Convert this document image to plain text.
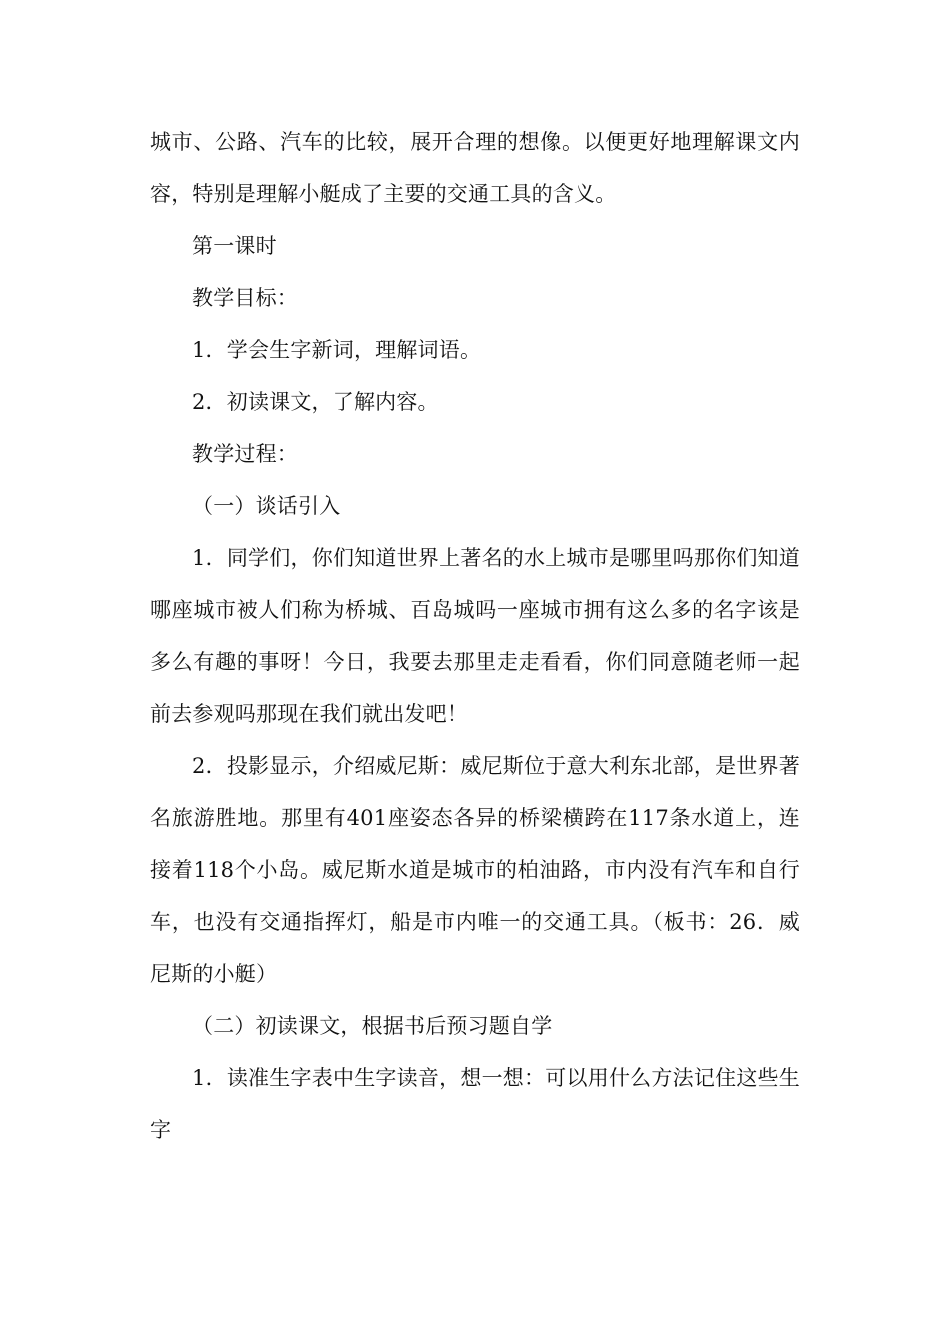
城市、公路、汽车的比较，展开合理的想像。以便更好地理解课文内容，特别是理解小艇成了主要的交通工具的含义。

第一课时

教学目标：

1．学会生字新词，理解词语。

2．初读课文，了解内容。

教学过程：

（一）谈话引入

1．同学们，你们知道世界上著名的水上城市是哪里吗那你们知道哪座城市被人们称为桥城、百岛城吗一座城市拥有这么多的名字该是多么有趣的事呀！今日，我要去那里走走看看，你们同意随老师一起前去参观吗那现在我们就出发吧！

2．投影显示，介绍威尼斯：威尼斯位于意大利东北部，是世界著名旅游胜地。那里有401座姿态各异的桥梁横跨在117条水道上，连接着118个小岛。威尼斯水道是城市的柏油路，市内没有汽车和自行车，也没有交通指挥灯，船是市内唯一的交通工具。（板书：26．威尼斯的小艇）

（二）初读课文，根据书后预习题自学

1．读准生字表中生字读音，想一想：可以用什么方法记住这些生字
